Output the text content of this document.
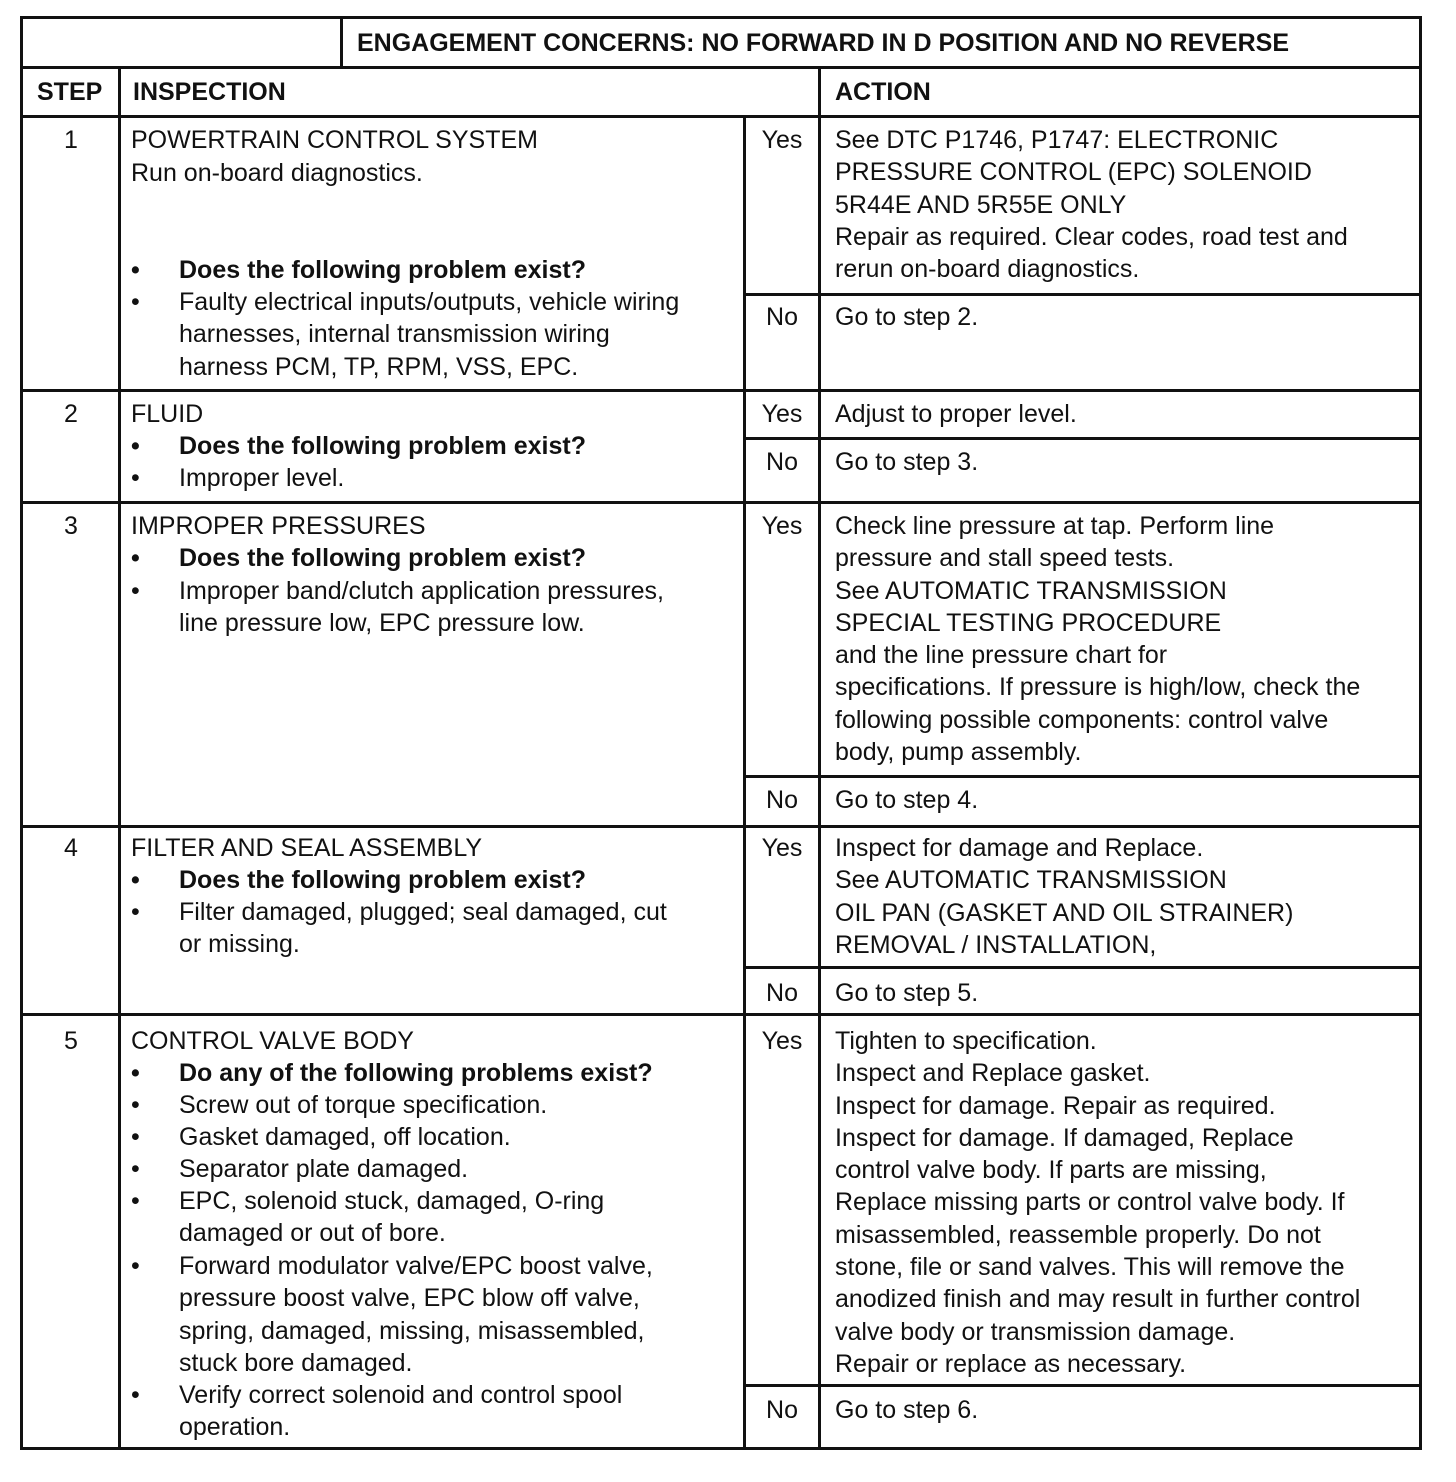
ENGAGEMENT CONCERNS: NO FORWARD IN D POSITION AND NO REVERSE
STEP INSPECTION	ACTION
1	POWERTRAIN CONTROL SYSTEM
Run on-board diagnostics.
• Does the following problem exist?
• Faulty electrical inputs/outputs, vehicle wiring
harnesses, internal transmission wiring
harness PCM, TP, RPM, VSS, EPC.
Yes	See DTC P1746, P1747: ELECTRONIC
PRESSURE CONTROL (EPC) SOLENOID
5R44E AND 5R55E ONLY
Repair as required. Clear codes, road test and
rerun on-board diagnostics.
No	Go to step 2.
2	FLUID
• Does the following problem exist?
• Improper level.
Yes	Adjust to proper level.
No	Go to step 3.
3	IMPROPER PRESSURES
• Does the following problem exist?
• Improper band/clutch application pressures,
line pressure low, EPC pressure low.
Yes	Check line pressure at tap. Perform line
pressure and stall speed tests.
See AUTOMATIC TRANSMISSION
SPECIAL TESTING PROCEDURE
and the line pressure chart for
specifications. If pressure is high/low, check the
following possible components: control valve
body, pump assembly.
No	Go to step 4.
4	FILTER AND SEAL ASSEMBLY
• Does the following problem exist?
• Filter damaged, plugged; seal damaged, cut
or missing.
Yes	Inspect for damage and Replace.
See AUTOMATIC TRANSMISSION
OIL PAN (GASKET AND OIL STRAINER)
REMOVAL / INSTALLATION,
No	Go to step 5.
5	CONTROL VALVE BODY
• Do any of the following problems exist?
• Screw out of torque specification.
• Gasket damaged, off location.
• Separator plate damaged.
• EPC, solenoid stuck, damaged, O-ring
damaged or out of bore.
• Forward modulator valve/EPC boost valve,
pressure boost valve, EPC blow off valve,
spring, damaged, missing, misassembled,
stuck bore damaged.
• Verify correct solenoid and control spool
operation.
Yes	Tighten to specification.
Inspect and Replace gasket.
Inspect for damage. Repair as required.
Inspect for damage. If damaged, Replace
control valve body. If parts are missing,
Replace missing parts or control valve body. If
misassembled, reassemble properly. Do not
stone, file or sand valves. This will remove the
anodized finish and may result in further control
valve body or transmission damage.
Repair or replace as necessary.
No	Go to step 6.
